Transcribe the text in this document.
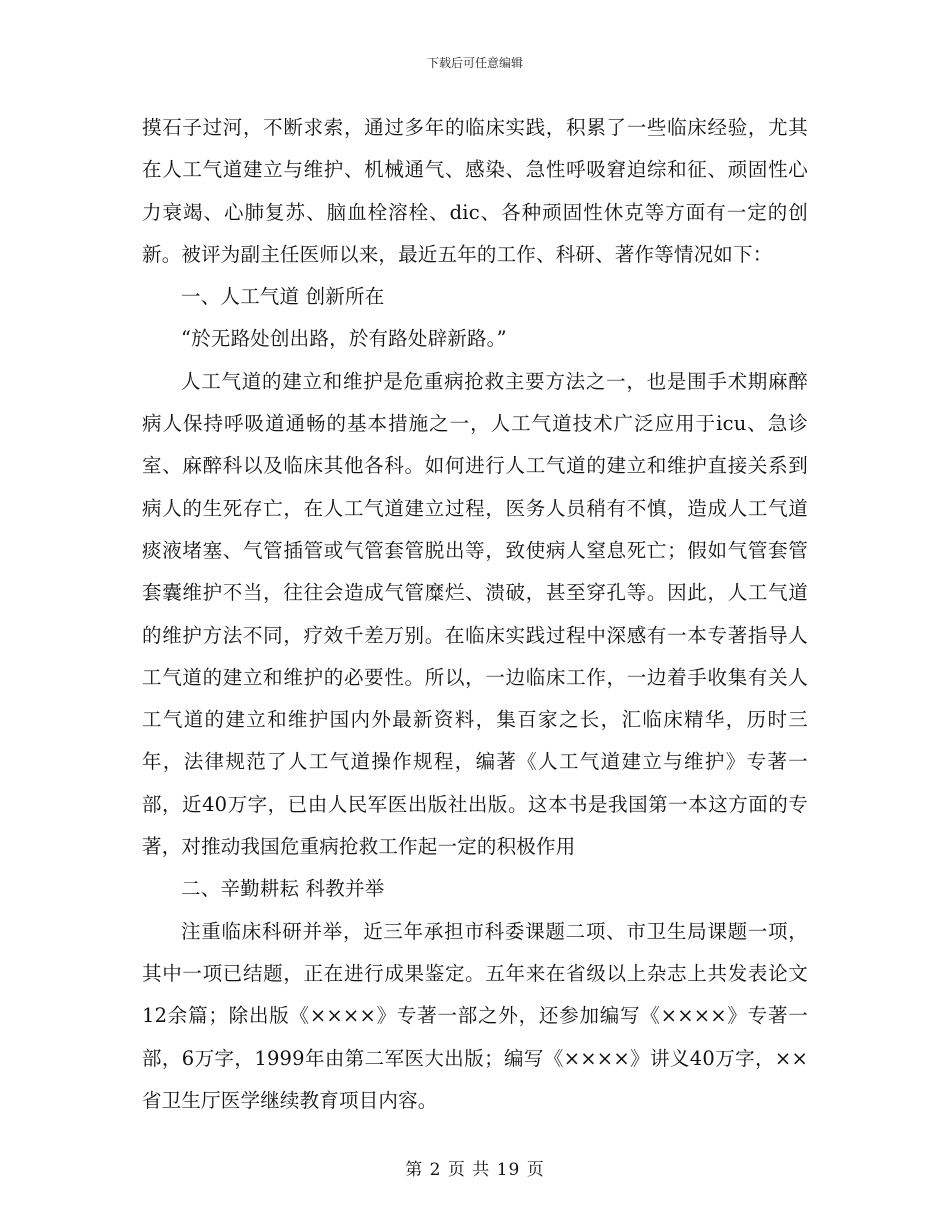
下载后可任意编辑

摸石子过河，不断求索，通过多年的临床实践，积累了一些临床经验，尤其在人工气道建立与维护、机械通气、感染、急性呼吸窘迫综和征、顽固性心力衰竭、心肺复苏、脑血栓溶栓、dic、各种顽固性休克等方面有一定的创新。被评为副主任医师以来，最近五年的工作、科研、著作等情况如下：

一、人工气道 创新所在

“於无路处创出路，於有路处辟新路。”

人工气道的建立和维护是危重病抢救主要方法之一，也是围手术期麻醉病人保持呼吸道通畅的基本措施之一，人工气道技术广泛应用于icu、急诊室、麻醉科以及临床其他各科。如何进行人工气道的建立和维护直接关系到病人的生死存亡，在人工气道建立过程，医务人员稍有不慎，造成人工气道痰液堵塞、气管插管或气管套管脱出等，致使病人窒息死亡；假如气管套管套囊维护不当，往往会造成气管糜烂、溃破，甚至穿孔等。因此，人工气道的维护方法不同，疗效千差万别。在临床实践过程中深感有一本专著指导人工气道的建立和维护的必要性。所以，一边临床工作，一边着手收集有关人工气道的建立和维护国内外最新资料，集百家之长，汇临床精华，历时三年，法律规范了人工气道操作规程，编著《人工气道建立与维护》专著一部，近40万字，已由人民军医出版社出版。这本书是我国第一本这方面的专著，对推动我国危重病抢救工作起一定的积极作用

二、辛勤耕耘 科教并举

注重临床科研并举，近三年承担市科委课题二项、市卫生局课题一项，其中一项已结题，正在进行成果鉴定。五年来在省级以上杂志上共发表论文12余篇；除出版《××××》专著一部之外，还参加编写《××××》专著一部，6万字，1999年由第二军医大出版；编写《××××》讲义40万字，××省卫生厅医学继续教育项目内容。

第 2 页 共 19 页
